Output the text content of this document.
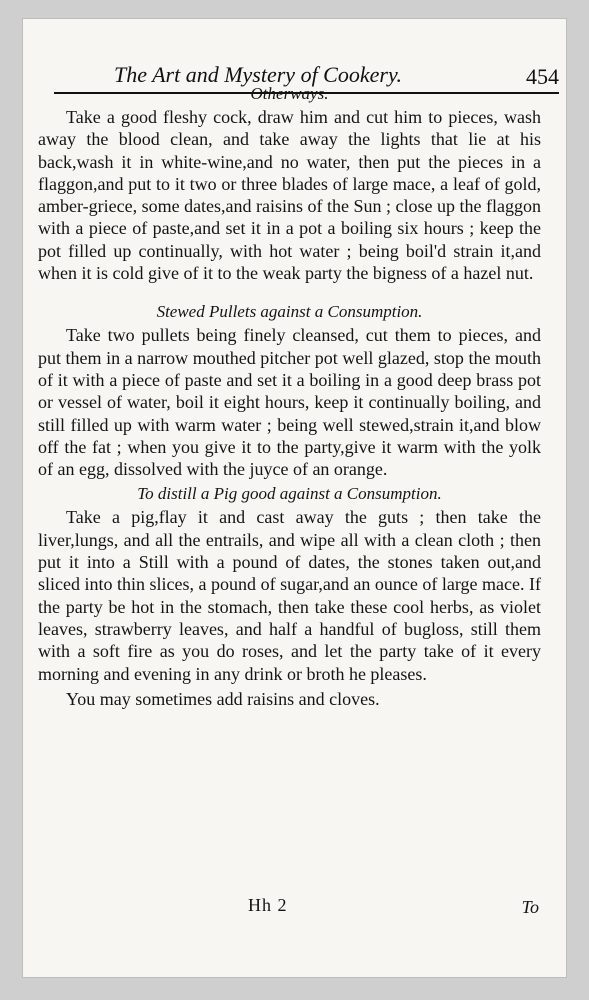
The Art and Mystery of Cookery.	454
Otherways.

Take a good fleshy cock, draw him and cut him to pieces, wash away the blood clean, and take away the lights that lie at his back,wash it in white-wine,and no water, then put the pieces in a flaggon,and put to it two or three blades of large mace, a leaf of gold, amber-griece, some dates,and raisins of the Sun ; close up the flaggon with a piece of paste,and set it in a pot a boiling six hours ; keep the pot filled up continually, with hot water ; being boil'd strain it,and when it is cold give of it to the weak party the bigness of a hazel nut.

Stewed Pullets against a Consumption.

Take two pullets being finely cleansed, cut them to pieces, and put them in a narrow mouthed pitcher pot well glazed, stop the mouth of it with a piece of paste and set it a boiling in a good deep brass pot or vessel of water, boil it eight hours, keep it continually boiling, and still filled up with warm water ; being well stewed,strain it,and blow off the fat ; when you give it to the party,give it warm with the yolk of an egg, dissolved with the juyce of an orange.

To distill a Pig good against a Consumption.

Take a pig,flay it and cast away the guts ; then take the liver,lungs, and all the entrails, and wipe all with a clean cloth ; then put it into a Still with a pound of dates, the stones taken out,and sliced into thin slices, a pound of sugar,and an ounce of large mace. If the party be hot in the stomach, then take these cool herbs, as violet leaves, strawberry leaves, and half a handful of bugloss, still them with a soft fire as you do roses, and let the party take of it every morning and evening in any drink or broth he pleases.

You may sometimes add raisins and cloves.
Hh 2	To
